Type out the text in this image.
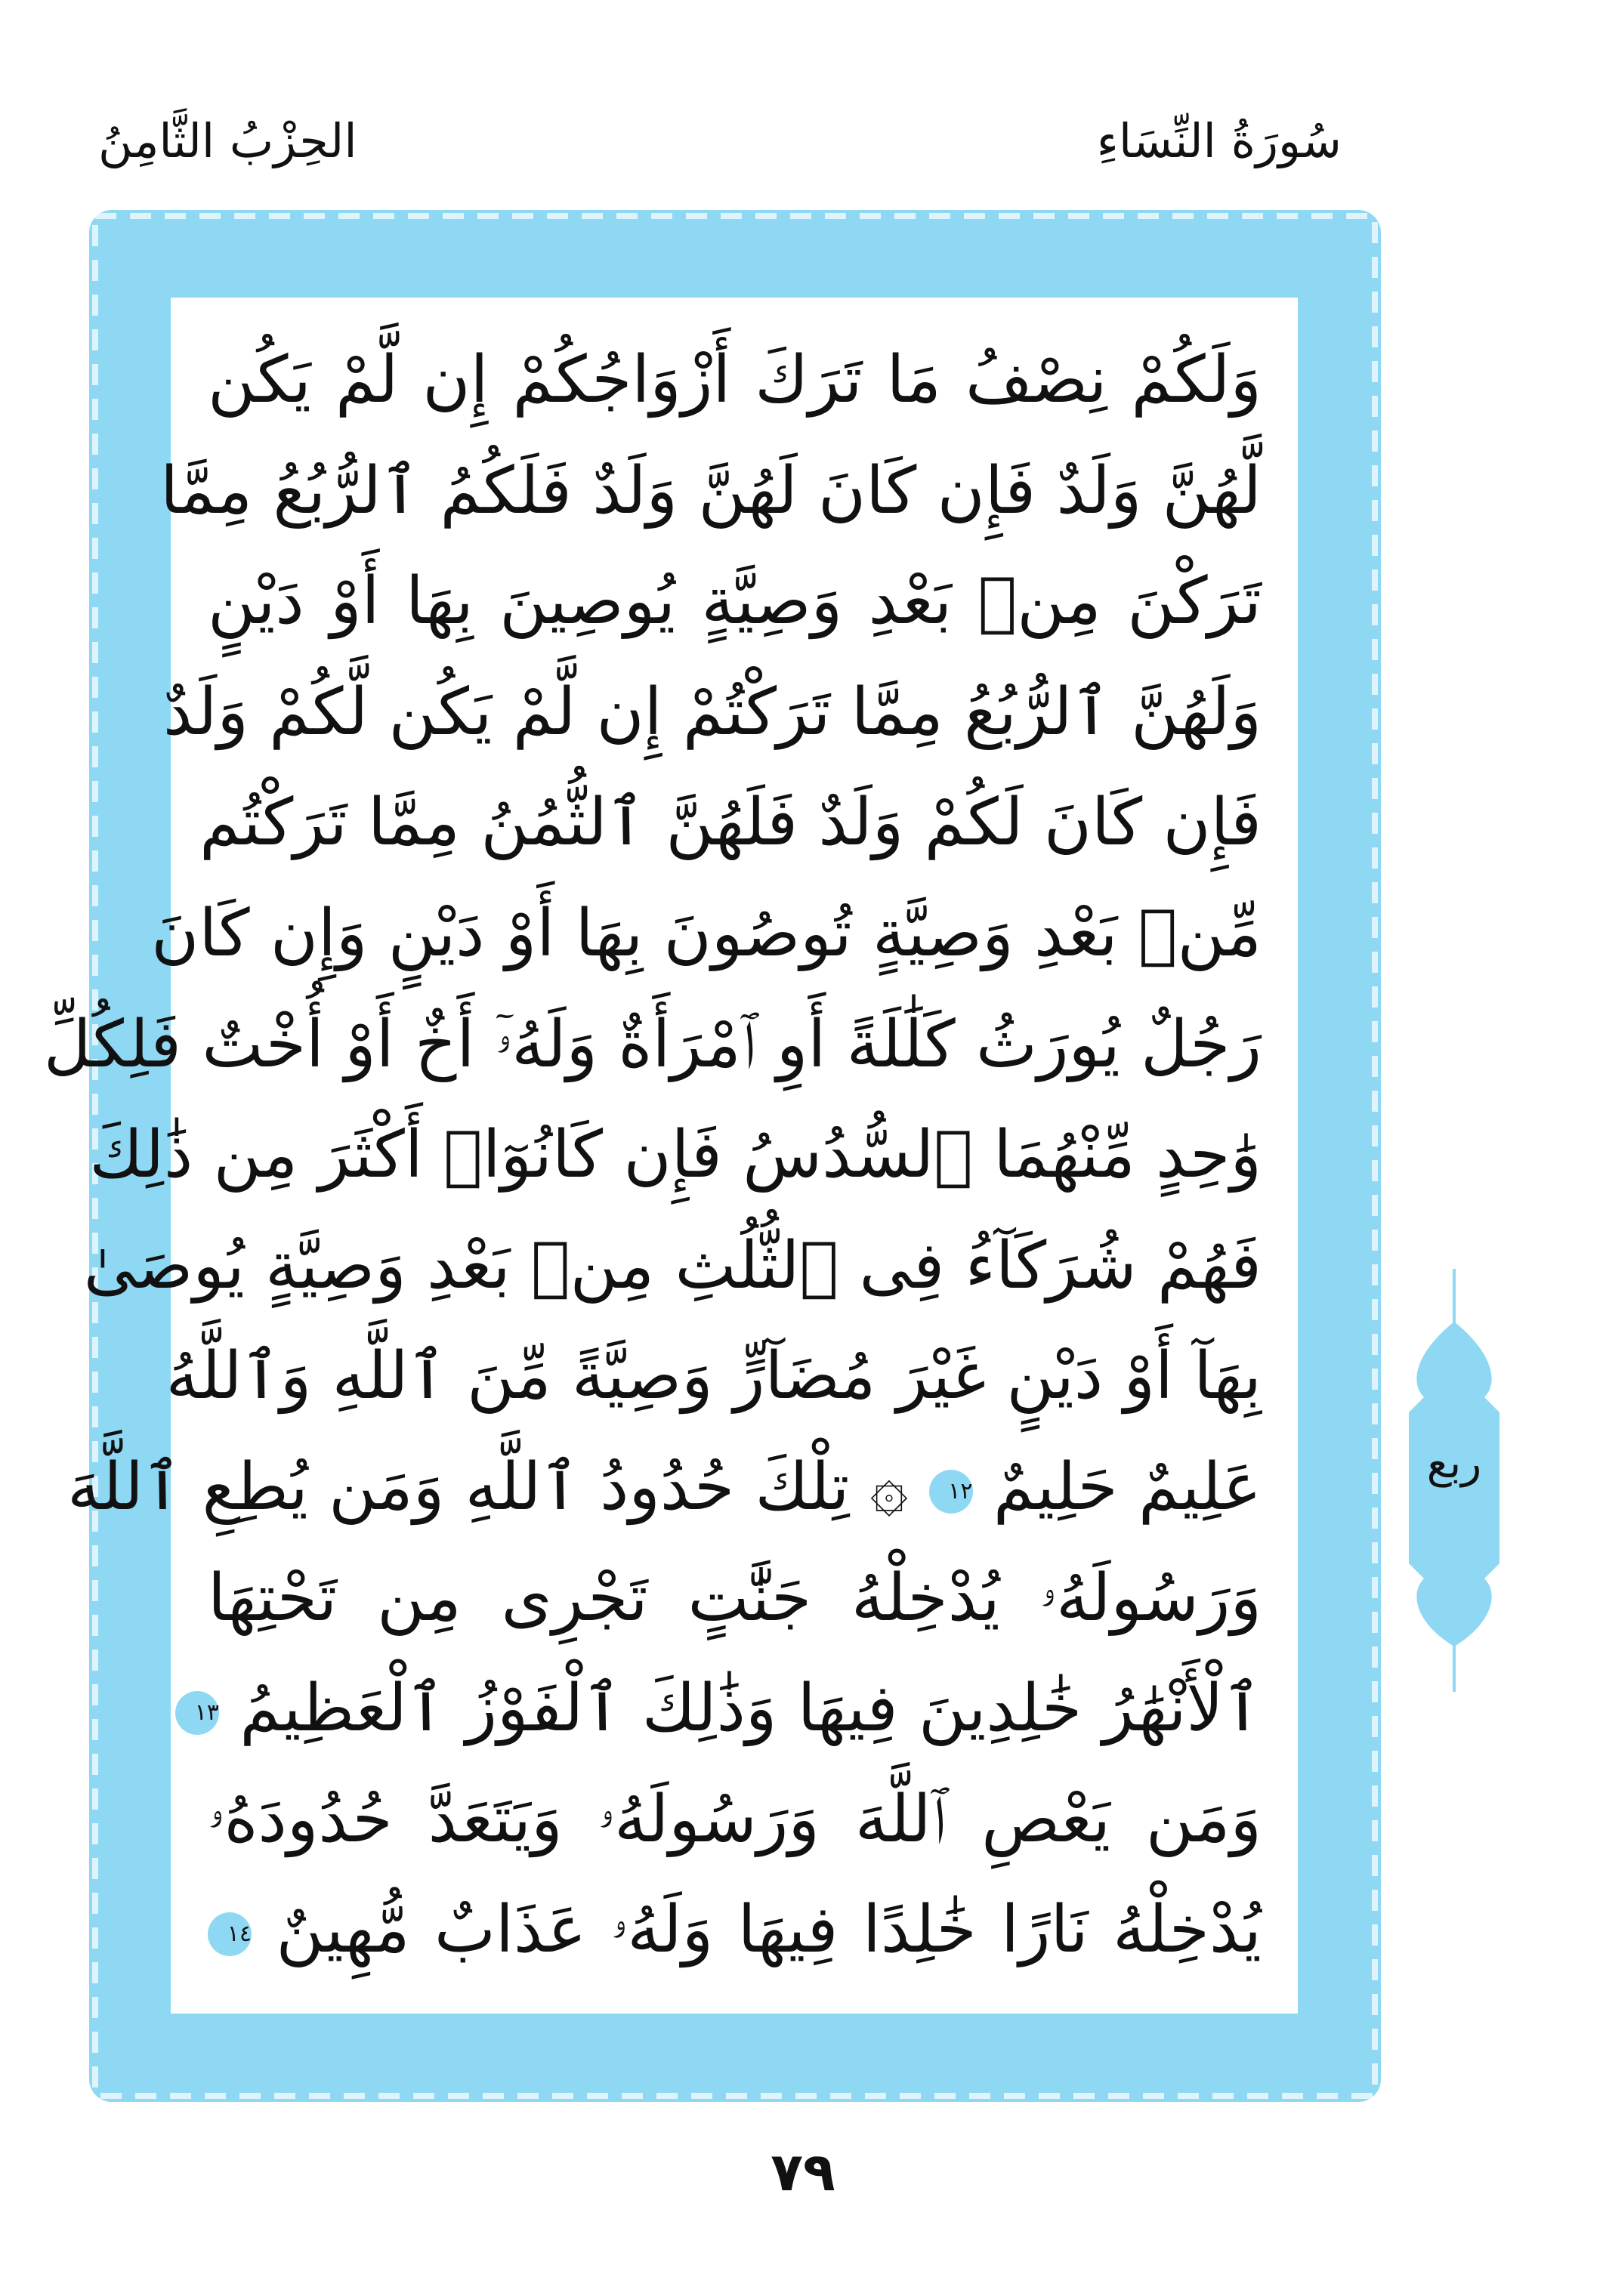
الحِزْبُ الثَّامِنُ	سُورَةُ النِّسَاءِ
وَلَكُمْ نِصْفُ مَا تَرَكَ أَزْوَاجُكُمْ إِن لَّمْ يَكُن
لَّهُنَّ وَلَدٌ فَإِن كَانَ لَهُنَّ وَلَدٌ فَلَكُمُ ٱلرُّبُعُ مِمَّا
تَرَكْنَ مِنۢ بَعْدِ وَصِيَّةٍ يُوصِينَ بِهَا أَوْ دَيْنٍ
وَلَهُنَّ ٱلرُّبُعُ مِمَّا تَرَكْتُمْ إِن لَّمْ يَكُن لَّكُمْ وَلَدٌ
فَإِن كَانَ لَكُمْ وَلَدٌ فَلَهُنَّ ٱلثُّمُنُ مِمَّا تَرَكْتُم
مِّنۢ بَعْدِ وَصِيَّةٍ تُوصُونَ بِهَا أَوْ دَيْنٍ وَإِن كَانَ
رَجُلٌ يُورَثُ كَلَٰلَةً أَوِ ٱمْرَأَةٌ وَلَهُۥٓ أَخٌ أَوْ أُخْتٌ فَلِكُلِّ
وَٰحِدٍ مِّنْهُمَا ٱلسُّدُسُ فَإِن كَانُوٓا۟ أَكْثَرَ مِن ذَٰلِكَ
فَهُمْ شُرَكَآءُ فِى ٱلثُّلُثِ مِنۢ بَعْدِ وَصِيَّةٍ يُوصَىٰ
بِهَآ أَوْ دَيْنٍ غَيْرَ مُضَآرٍّ وَصِيَّةً مِّنَ ٱللَّهِ وَٱللَّهُ
عَلِيمٌ حَلِيمٌ ١٢ ۞ تِلْكَ حُدُودُ ٱللَّهِ وَمَن يُطِعِ ٱللَّهَ
وَرَسُولَهُۥ يُدْخِلْهُ جَنَّٰتٍ تَجْرِى مِن تَحْتِهَا
ٱلْأَنْهَٰرُ خَٰلِدِينَ فِيهَا وَذَٰلِكَ ٱلْفَوْزُ ٱلْعَظِيمُ ١٣
وَمَن يَعْصِ ٱللَّهَ وَرَسُولَهُۥ وَيَتَعَدَّ حُدُودَهُۥ
يُدْخِلْهُ نَارًا خَٰلِدًا فِيهَا وَلَهُۥ عَذَابٌ مُّهِينٌ ١٤
ربع
٧٩
